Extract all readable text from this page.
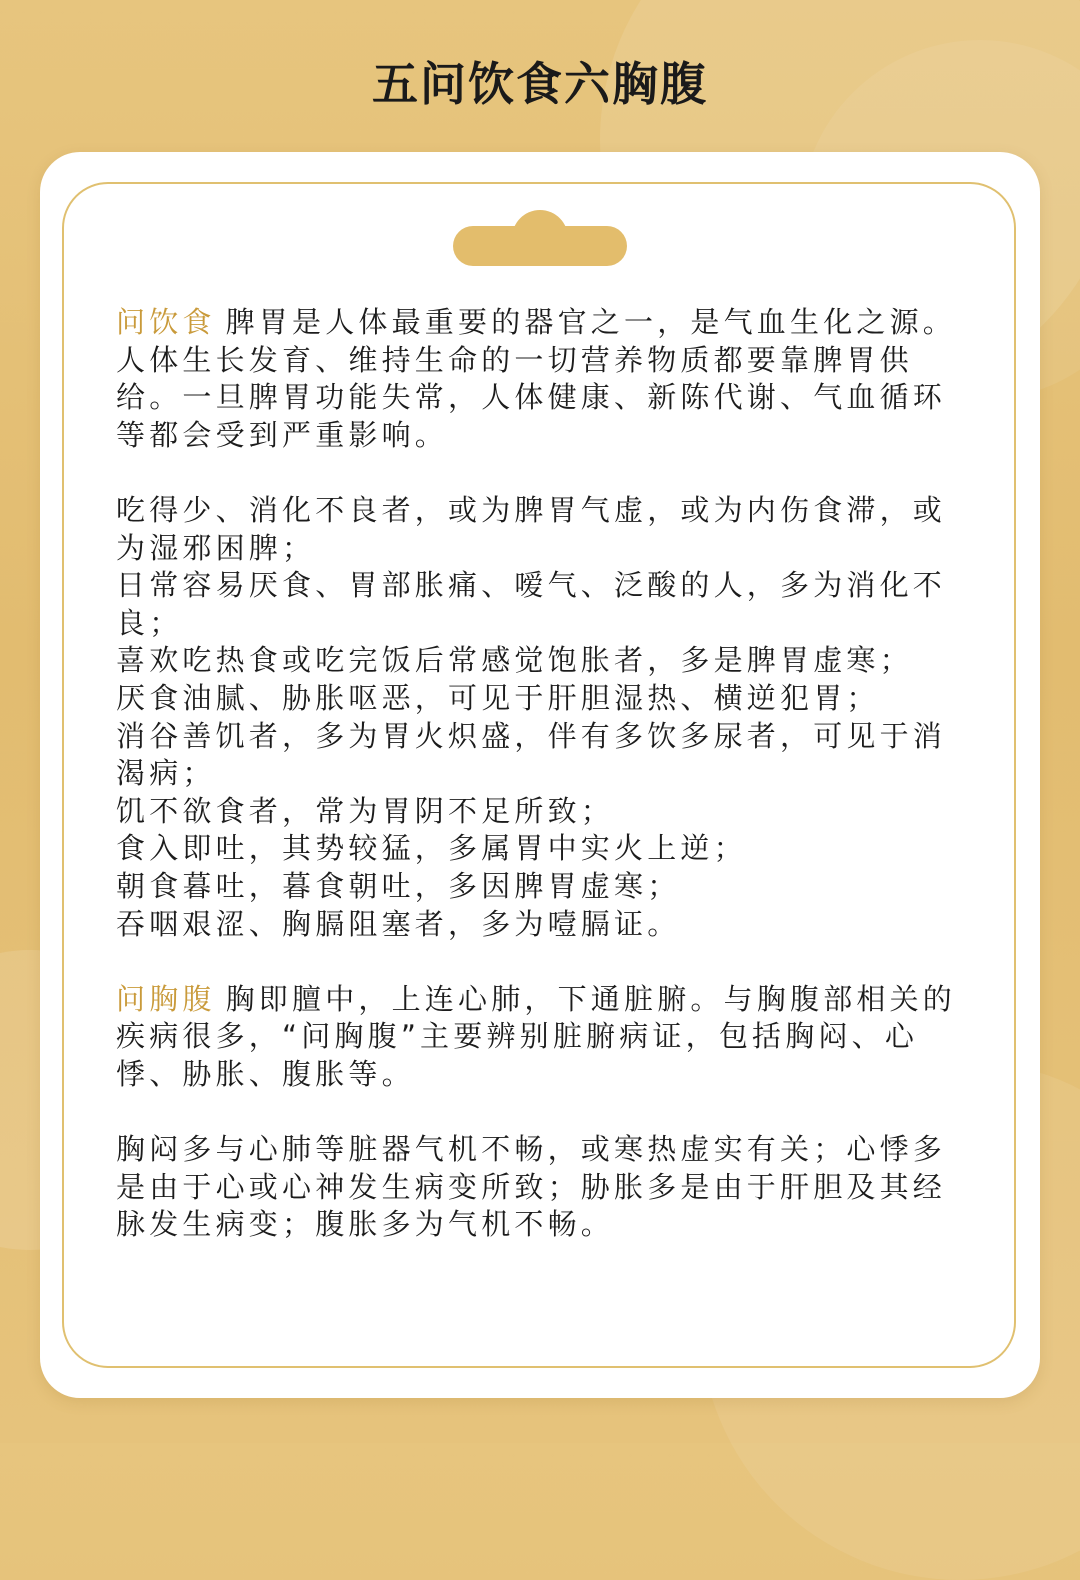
五问饮食六胸腹

问饮食 脾胃是人体最重要的器官之一，是气血生化之源。人体生长发育、维持生命的一切营养物质都要靠脾胃供给。一旦脾胃功能失常，人体健康、新陈代谢、气血循环等都会受到严重影响。

吃得少、消化不良者，或为脾胃气虚，或为内伤食滞，或为湿邪困脾；
日常容易厌食、胃部胀痛、嗳气、泛酸的人，多为消化不良；
喜欢吃热食或吃完饭后常感觉饱胀者，多是脾胃虚寒；
厌食油腻、胁胀呕恶，可见于肝胆湿热、横逆犯胃；
消谷善饥者，多为胃火炽盛，伴有多饮多尿者，可见于消渴病；
饥不欲食者，常为胃阴不足所致；
食入即吐，其势较猛，多属胃中实火上逆；
朝食暮吐，暮食朝吐，多因脾胃虚寒；
吞咽艰涩、胸膈阻塞者，多为噎膈证。

问胸腹 胸即膻中，上连心肺，下通脏腑。与胸腹部相关的疾病很多，“问胸腹”主要辨别脏腑病证，包括胸闷、心悸、胁胀、腹胀等。

胸闷多与心肺等脏器气机不畅，或寒热虚实有关；心悸多是由于心或心神发生病变所致；胁胀多是由于肝胆及其经脉发生病变；腹胀多为气机不畅。
